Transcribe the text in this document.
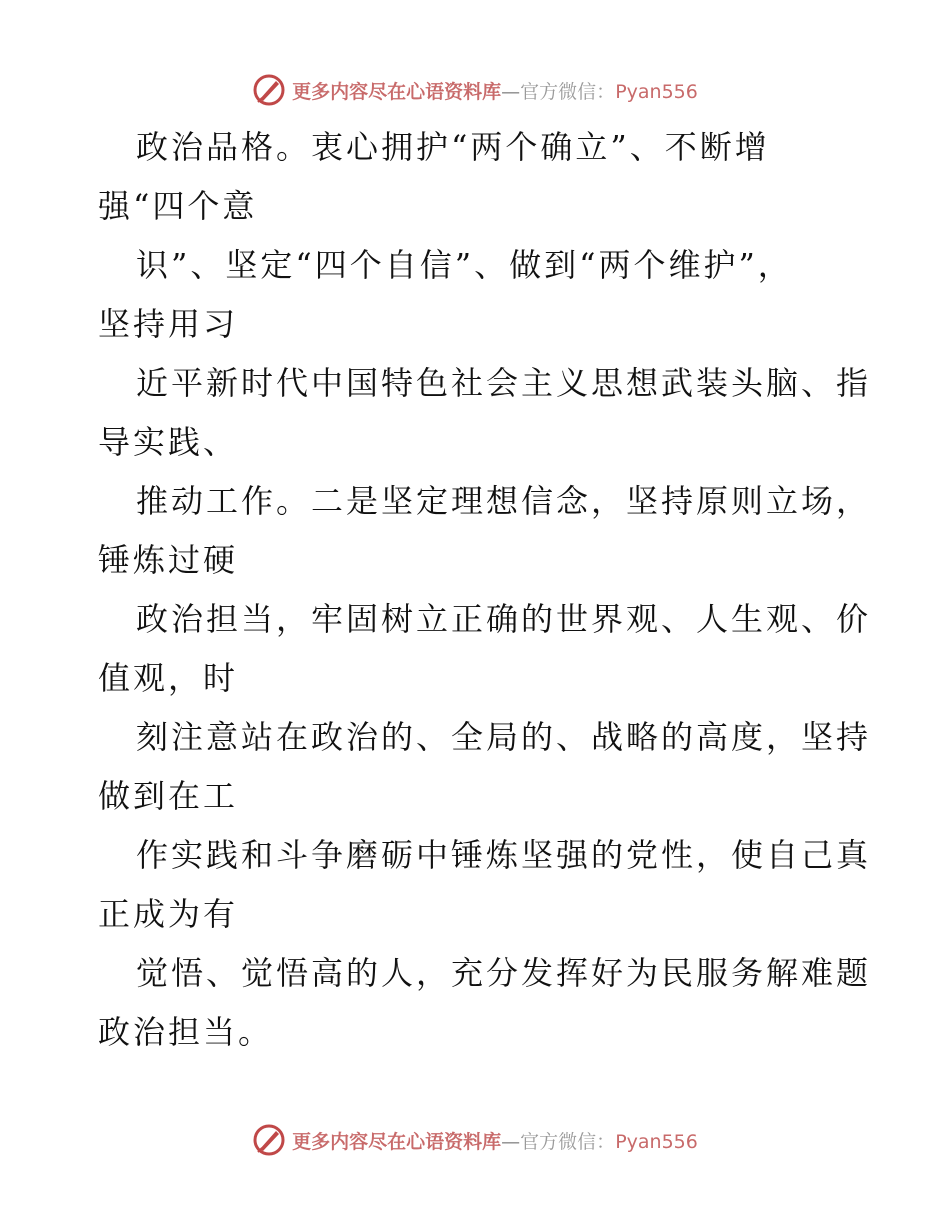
更多内容尽在心语资料库—官方微信：Pyan556
政治品格。衷心拥护“两个确立”、不断增
强“四个意
识”、坚定“四个自信”、做到“两个维护”，
坚持用习
近平新时代中国特色社会主义思想武装头脑、指
导实践、
推动工作。二是坚定理想信念，坚持原则立场，
锤炼过硬
政治担当，牢固树立正确的世界观、人生观、价
值观，时
刻注意站在政治的、全局的、战略的高度，坚持
做到在工
作实践和斗争磨砺中锤炼坚强的党性，使自己真
正成为有
觉悟、觉悟高的人，充分发挥好为民服务解难题
政治担当。
更多内容尽在心语资料库—官方微信：Pyan556
